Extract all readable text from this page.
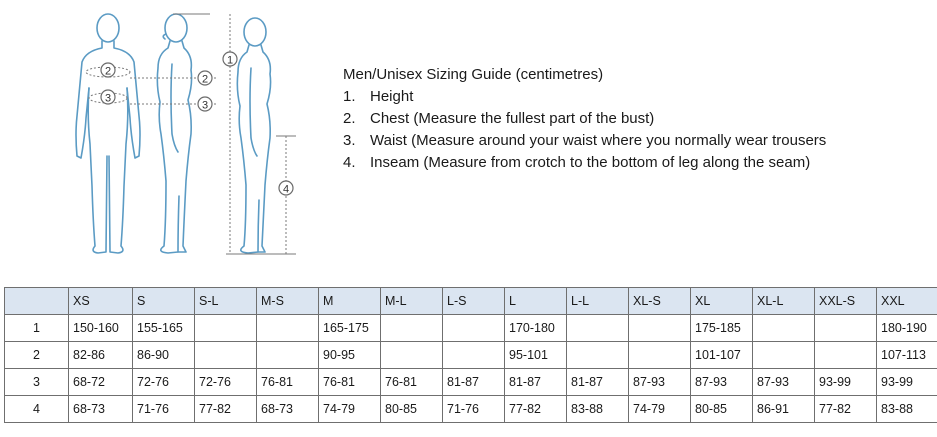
2
3
2
3
1
4
Men/Unisex Sizing Guide (centimetres)
1. Height
2. Chest (Measure the fullest part of the bust)
3. Waist (Measure around your waist where you normally wear trousers
4. Inseam (Measure from crotch to the bottom of leg along the seam)
	XS	S	S-L	M-S	M	M-L	L-S	L	L-L	XL-S	XL	XL-L	XXL-S	XXL
1	150-160	155-165			165-175			170-180			175-185			180-190
2	82-86	86-90			90-95			95-101			101-107			107-113
3	68-72	72-76	72-76	76-81	76-81	76-81	81-87	81-87	81-87	87-93	87-93	87-93	93-99	93-99
4	68-73	71-76	77-82	68-73	74-79	80-85	71-76	77-82	83-88	74-79	80-85	86-91	77-82	83-88
